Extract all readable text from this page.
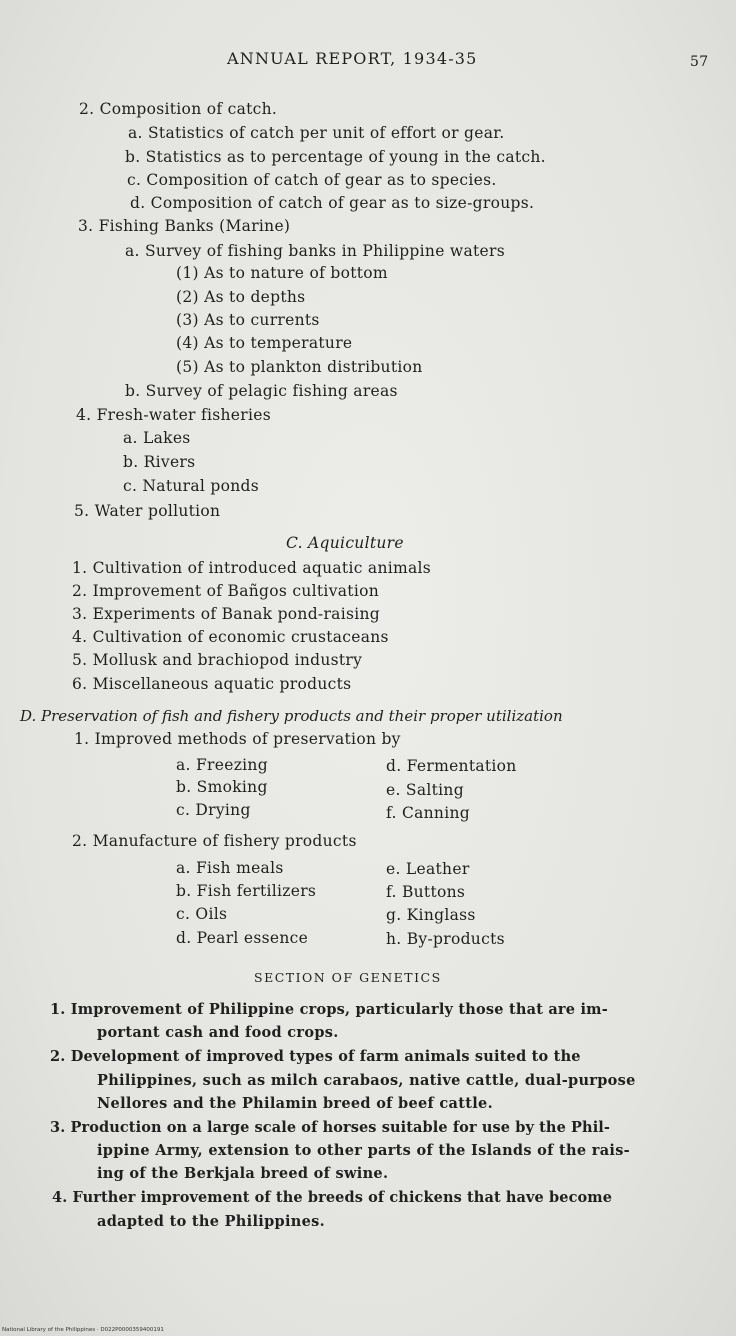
ANNUAL REPORT, 1934-35	57
2. Composition of catch.
a. Statistics of catch per unit of effort or gear.
b. Statistics as to percentage of young in the catch.
c. Composition of catch of gear as to species.
d. Composition of catch of gear as to size-groups.
3. Fishing Banks (Marine)
a. Survey of fishing banks in Philippine waters
(1) As to nature of bottom
(2) As to depths
(3) As to currents
(4) As to temperature
(5) As to plankton distribution
b. Survey of pelagic fishing areas
4. Fresh-water fisheries
a. Lakes
b. Rivers
c. Natural ponds
5. Water pollution
C. Aquiculture
1. Cultivation of introduced aquatic animals
2. Improvement of Bañgos cultivation
3. Experiments of Banak pond-raising
4. Cultivation of economic crustaceans
5. Mollusk and brachiopod industry
6. Miscellaneous aquatic products
D. Preservation of fish and fishery products and their proper utilization
1. Improved methods of preservation by
a. Freezing	d. Fermentation
b. Smoking	e. Salting
c. Drying	f. Canning
2. Manufacture of fishery products
a. Fish meals	e. Leather
b. Fish fertilizers	f. Buttons
c. Oils	g. Kinglass
d. Pearl essence	h. By-products
SECTION OF GENETICS
1. Improvement of Philippine crops, particularly those that are im-
portant cash and food crops.
2. Development of improved types of farm animals suited to the
Philippines, such as milch carabaos, native cattle, dual-purpose
Nellores and the Philamin breed of beef cattle.
3. Production on a large scale of horses suitable for use by the Phil-
ippine Army, extension to other parts of the Islands of the rais-
ing of the Berkjala breed of swine.
4. Further improvement of the breeds of chickens that have become
adapted to the Philippines.
National Library of the Philippines · D022P0000359400191
